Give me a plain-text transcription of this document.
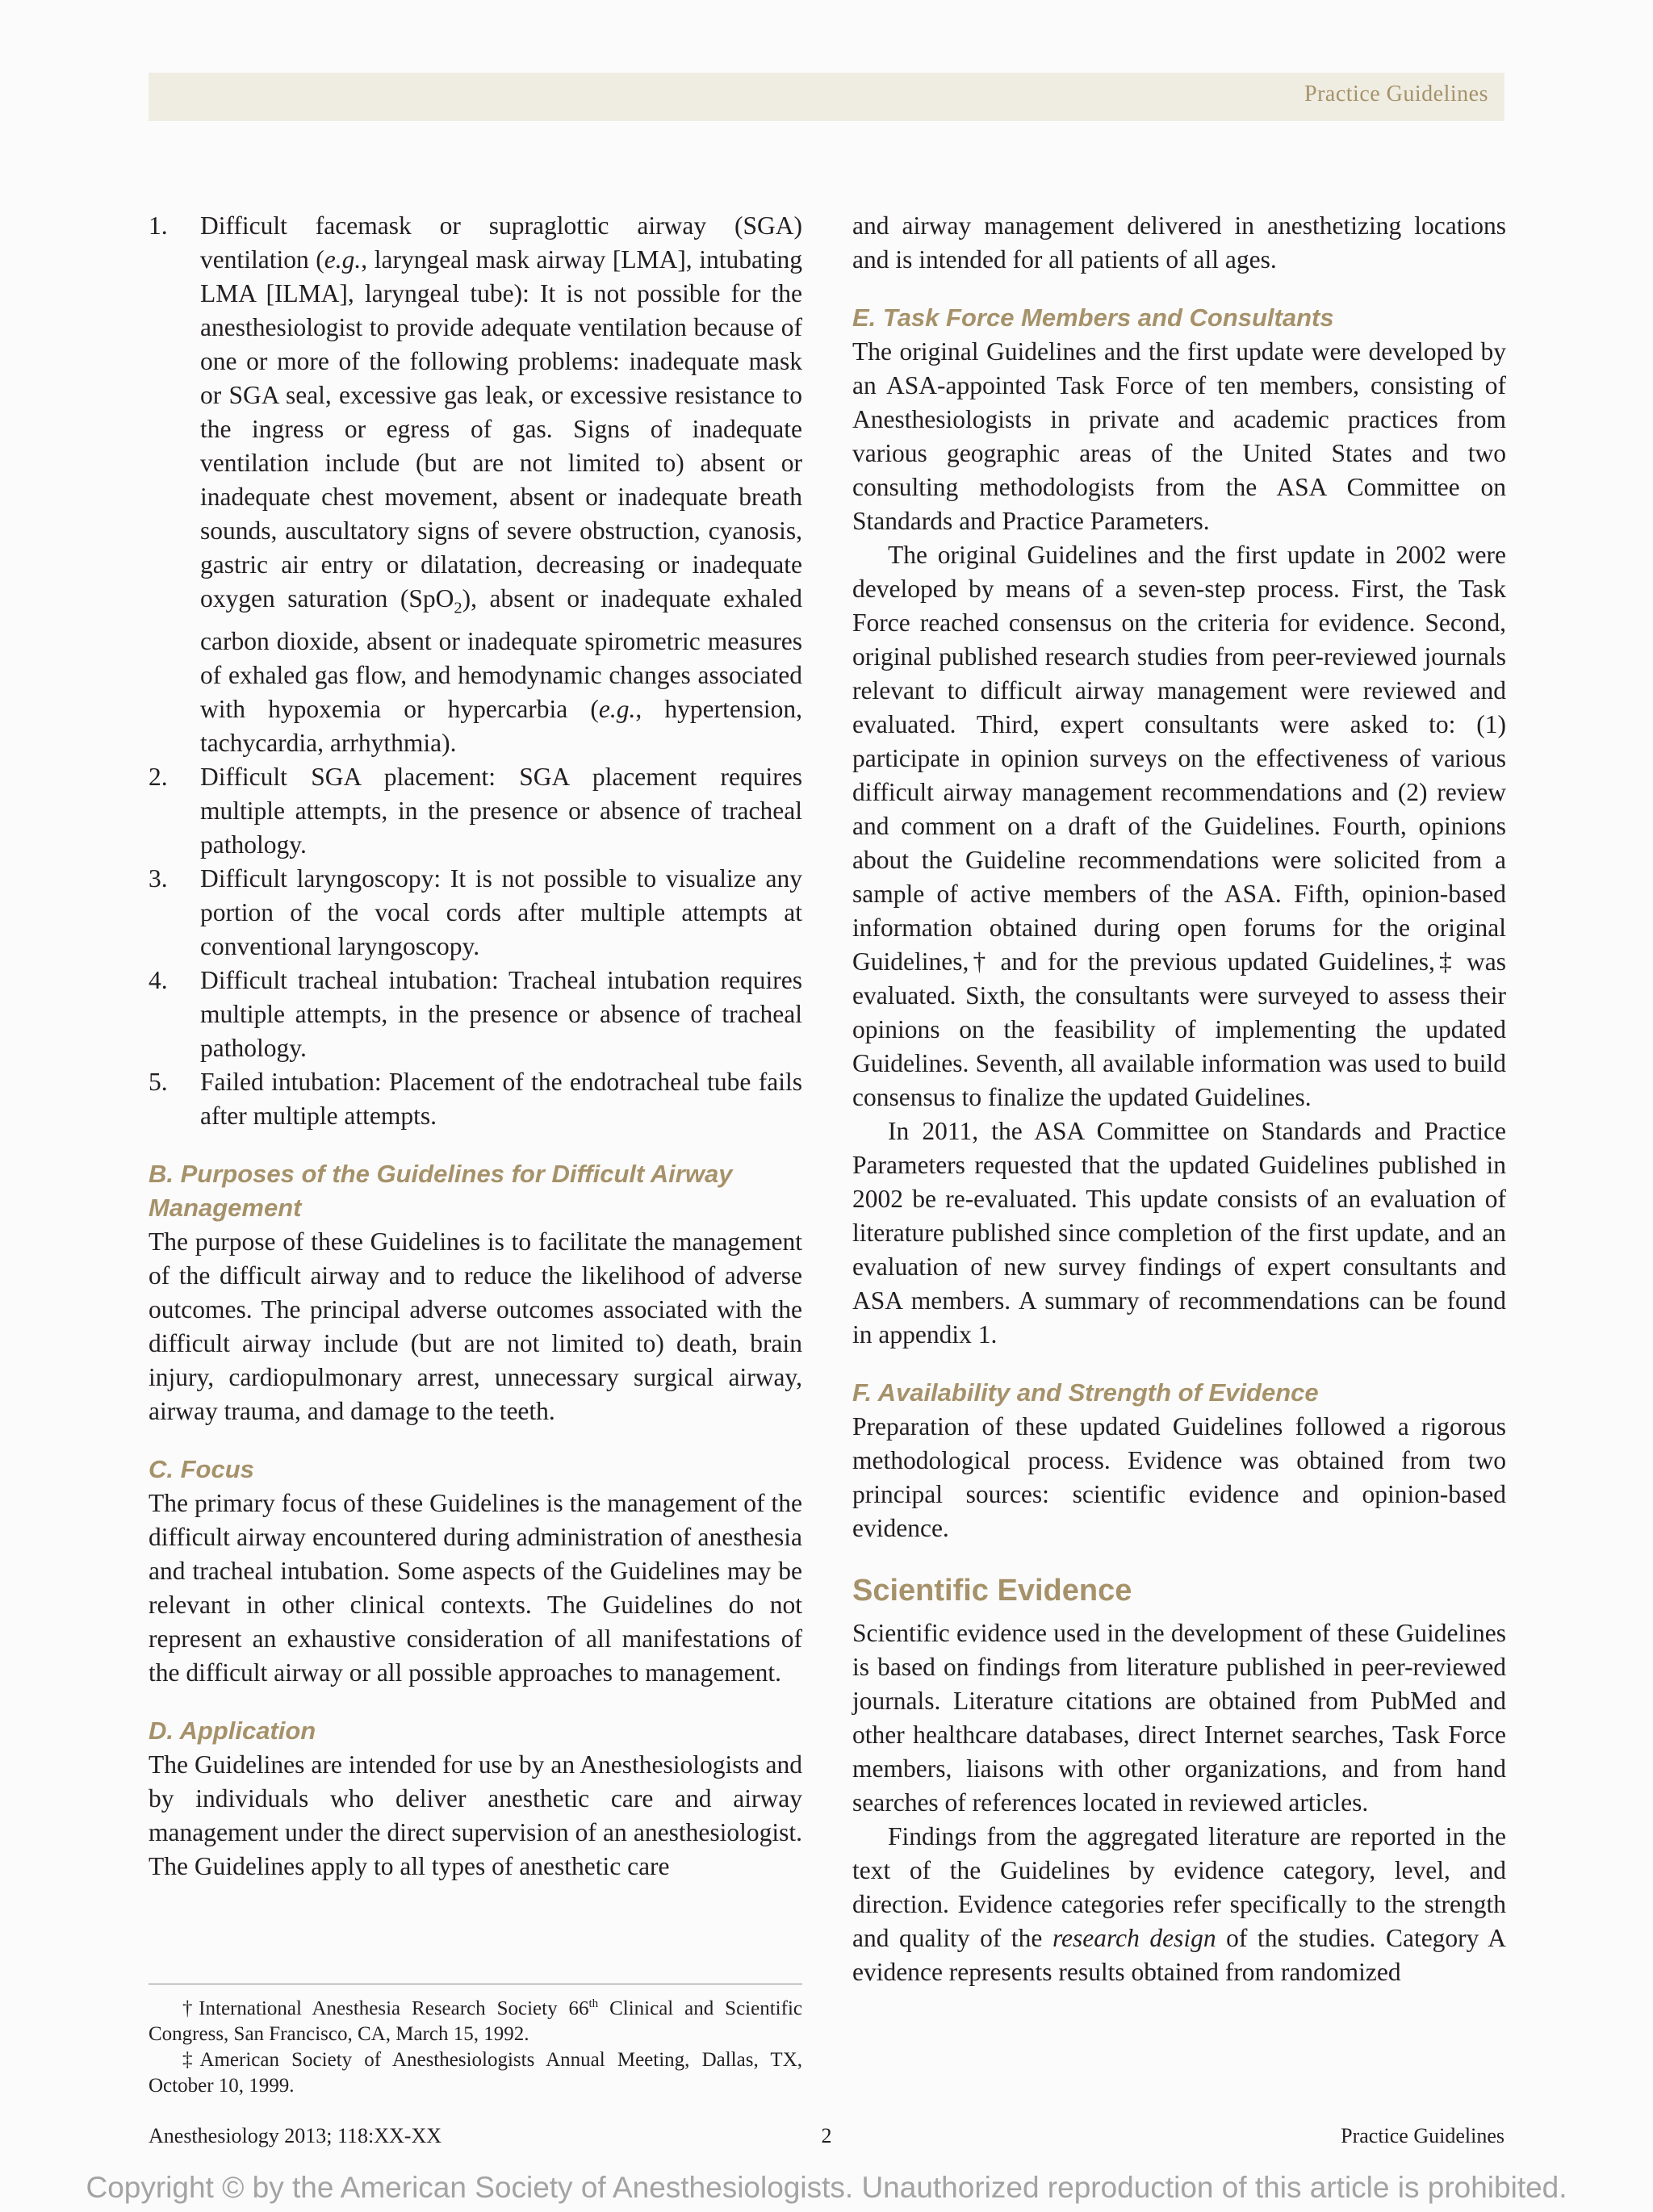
Practice Guidelines
1. Difficult facemask or supraglottic airway (SGA) ventilation (e.g., laryngeal mask airway [LMA], intubating LMA [ILMA], laryngeal tube): It is not possible for the anesthesiologist to provide adequate ventilation because of one or more of the following problems: inadequate mask or SGA seal, excessive gas leak, or excessive resistance to the ingress or egress of gas. Signs of inadequate ventilation include (but are not limited to) absent or inadequate chest movement, absent or inadequate breath sounds, auscultatory signs of severe obstruction, cyanosis, gastric air entry or dilatation, decreasing or inadequate oxygen saturation (SpO$_2$), absent or inadequate exhaled carbon dioxide, absent or inadequate spirometric measures of exhaled gas flow, and hemodynamic changes associated with hypoxemia or hypercarbia (e.g., hypertension, tachycardia, arrhythmia).
2. Difficult SGA placement: SGA placement requires multiple attempts, in the presence or absence of tracheal pathology.
3. Difficult laryngoscopy: It is not possible to visualize any portion of the vocal cords after multiple attempts at conventional laryngoscopy.
4. Difficult tracheal intubation: Tracheal intubation requires multiple attempts, in the presence or absence of tracheal pathology.
5. Failed intubation: Placement of the endotracheal tube fails after multiple attempts.
B. Purposes of the Guidelines for Difficult Airway Management

The purpose of these Guidelines is to facilitate the management of the difficult airway and to reduce the likelihood of adverse outcomes. The principal adverse outcomes associated with the difficult airway include (but are not limited to) death, brain injury, cardiopulmonary arrest, unnecessary surgical airway, airway trauma, and damage to the teeth.

C. Focus

The primary focus of these Guidelines is the management of the difficult airway encountered during administration of anesthesia and tracheal intubation. Some aspects of the Guidelines may be relevant in other clinical contexts. The Guidelines do not represent an exhaustive consideration of all manifestations of the difficult airway or all possible approaches to management.

D. Application

The Guidelines are intended for use by an Anesthesiologists and by individuals who deliver anesthetic care and airway management under the direct supervision of an anesthesiologist. The Guidelines apply to all types of anesthetic care

†International Anesthesia Research Society 66th Clinical and Scientific Congress, San Francisco, CA, March 15, 1992.

‡American Society of Anesthesiologists Annual Meeting, Dallas, TX, October 10, 1999.

and airway management delivered in anesthetizing locations and is intended for all patients of all ages.

E. Task Force Members and Consultants

The original Guidelines and the first update were developed by an ASA-appointed Task Force of ten members, consisting of Anesthesiologists in private and academic practices from various geographic areas of the United States and two consulting methodologists from the ASA Committee on Standards and Practice Parameters.

The original Guidelines and the first update in 2002 were developed by means of a seven-step process. First, the Task Force reached consensus on the criteria for evidence. Second, original published research studies from peer-reviewed journals relevant to difficult airway management were reviewed and evaluated. Third, expert consultants were asked to: (1) participate in opinion surveys on the effectiveness of various difficult airway management recommendations and (2) review and comment on a draft of the Guidelines. Fourth, opinions about the Guideline recommendations were solicited from a sample of active members of the ASA. Fifth, opinion-based information obtained during open forums for the original Guidelines,† and for the previous updated Guidelines,‡ was evaluated. Sixth, the consultants were surveyed to assess their opinions on the feasibility of implementing the updated Guidelines. Seventh, all available information was used to build consensus to finalize the updated Guidelines.

In 2011, the ASA Committee on Standards and Practice Parameters requested that the updated Guidelines published in 2002 be re-evaluated. This update consists of an evaluation of literature published since completion of the first update, and an evaluation of new survey findings of expert consultants and ASA members. A summary of recommendations can be found in appendix 1.

F. Availability and Strength of Evidence

Preparation of these updated Guidelines followed a rigorous methodological process. Evidence was obtained from two principal sources: scientific evidence and opinion-based evidence.

Scientific Evidence

Scientific evidence used in the development of these Guidelines is based on findings from literature published in peer-reviewed journals. Literature citations are obtained from PubMed and other healthcare databases, direct Internet searches, Task Force members, liaisons with other organizations, and from hand searches of references located in reviewed articles.

Findings from the aggregated literature are reported in the text of the Guidelines by evidence category, level, and direction. Evidence categories refer specifically to the strength and quality of the research design of the studies. Category A evidence represents results obtained from randomized

Anesthesiology 2013; 118:XX-XX	2	Practice Guidelines
Copyright © by the American Society of Anesthesiologists. Unauthorized reproduction of this article is prohibited.
